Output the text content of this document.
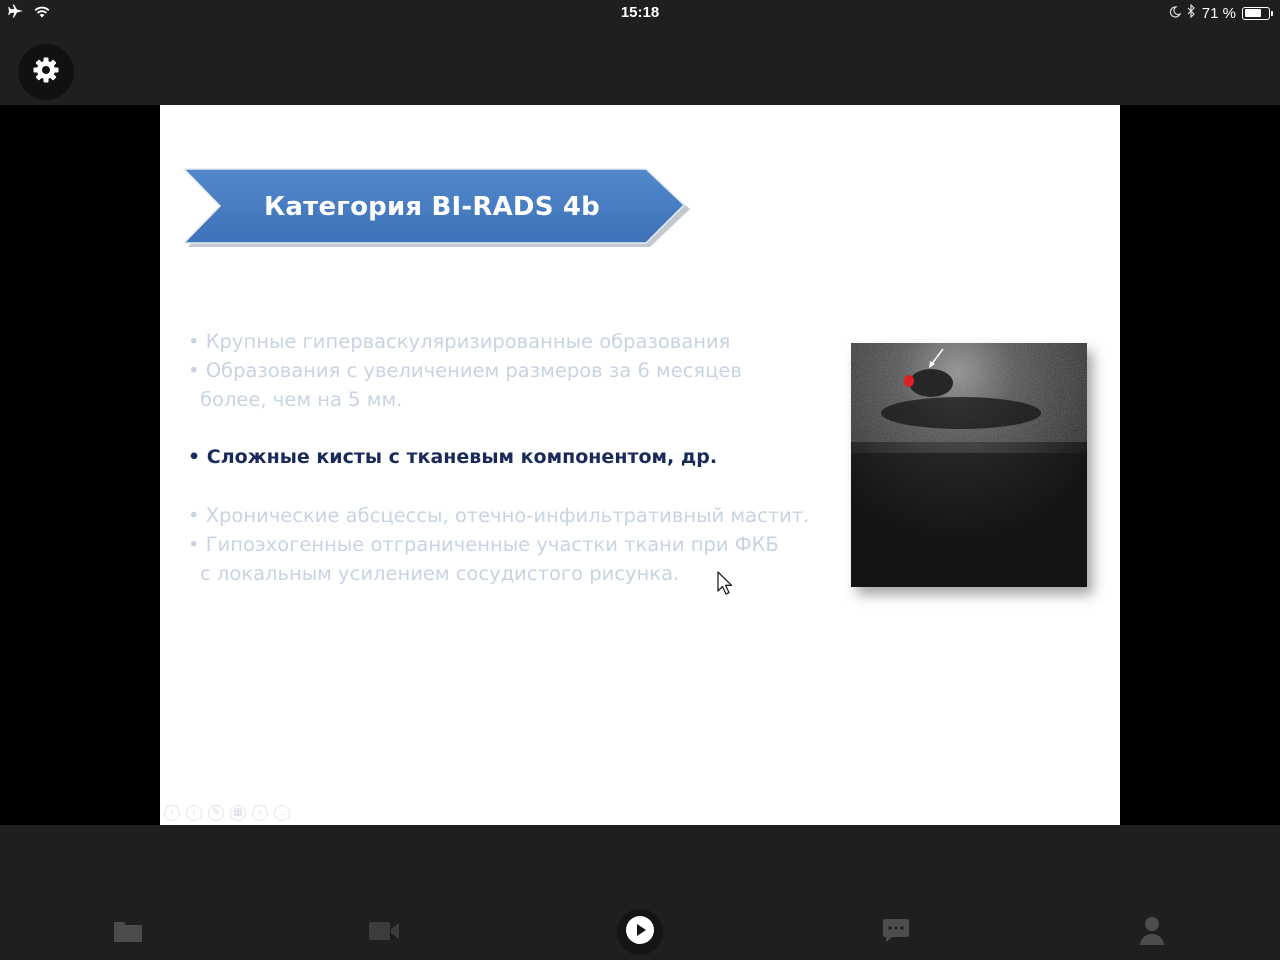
15:18	71 %
Категория BI-RADS 4b
• Крупные гиперваскуляризированные образования
• Образования с увеличением размеров за 6 месяцев
более, чем на 5 мм.
• Сложные кисты с тканевым компонентом, др.
• Хронические абсцессы, отечно-инфильтративный мастит.
• Гипоэхогенные отграниченные участки ткани при ФКБ
с локальным усилением сосудистого рисунка.
‹	›	✎	▦	⌕	…
